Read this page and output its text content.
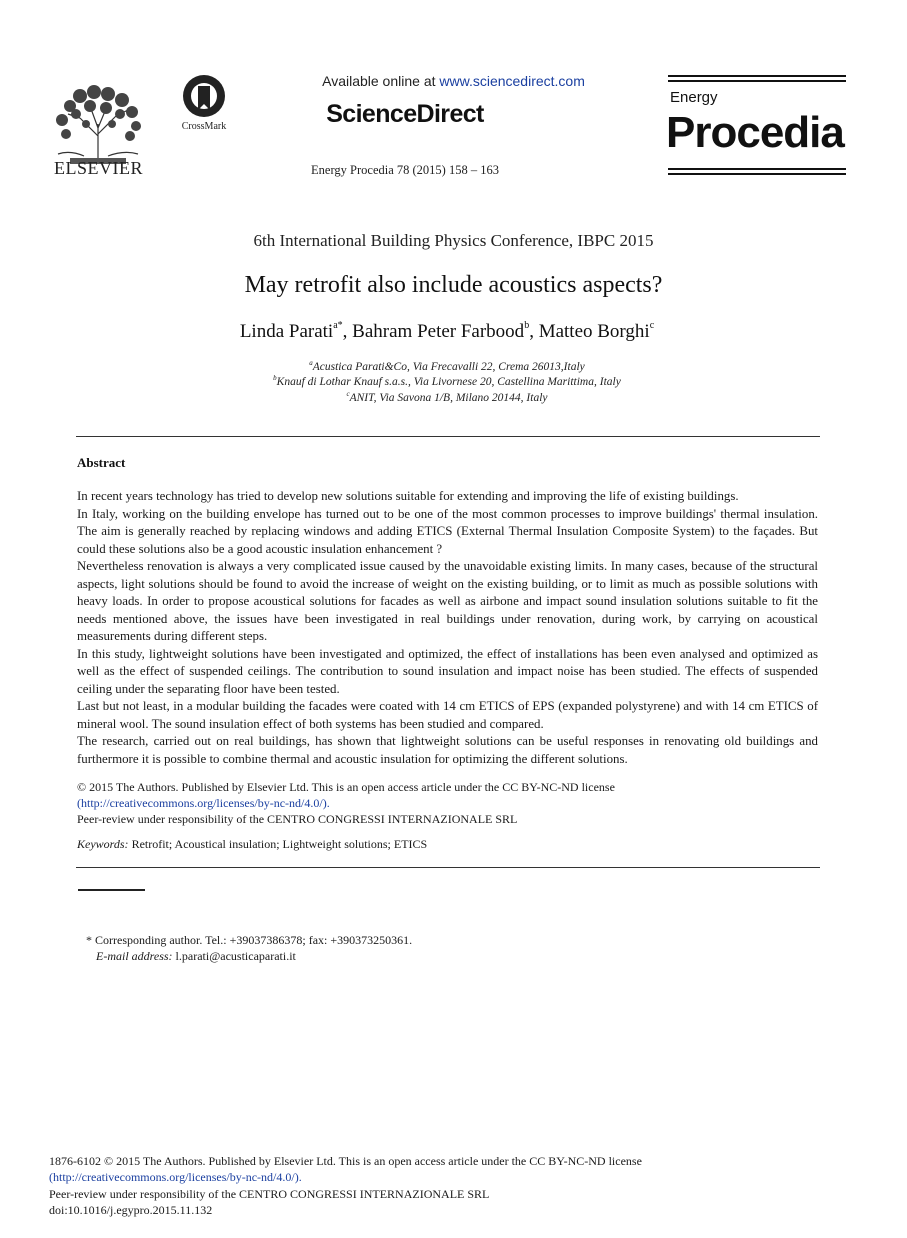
ELSEVIER
CrossMark
Available online at www.sciencedirect.com
ScienceDirect
Energy Procedia 78 (2015) 158 – 163
Energy
Procedia
6th International Building Physics Conference, IBPC 2015
May retrofit also include acoustics aspects?
Linda Parati$^{a*}$, Bahram Peter Farbood$^b$, Matteo Borghi$^c$
$^a$Acustica Parati&Co, Via Frecavalli 22, Crema 26013,Italy
$^b$Knauf di Lothar Knauf s.a.s., Via Livornese 20, Castellina Marittima, Italy
$^c$ANIT, Via Savona 1/B, Milano 20144, Italy
Abstract

In recent years technology has tried to develop new solutions suitable for extending and improving the life of existing buildings.

In Italy, working on the building envelope has turned out to be one of the most common processes to improve buildings' thermal insulation. The aim is generally reached by replacing windows and adding ETICS (External Thermal Insulation Composite System) to the façades. But could these solutions also be a good acoustic insulation enhancement ?

Nevertheless renovation is always a very complicated issue caused by the unavoidable existing limits. In many cases, because of the structural aspects, light solutions should be found to avoid the increase of weight on the existing building, or to limit as much as possible solutions with heavy loads. In order to propose acoustical solutions for facades as well as airbone and impact sound insulation solutions suitable to fit the needs mentioned above, the issues have been investigated in real buildings under renovation, during work, by carrying on acoustical measurements during different steps.

In this study, lightweight solutions have been investigated and optimized, the effect of installations has been even analysed and optimized as well as the effect of suspended ceilings. The contribution to sound insulation and impact noise has been studied. The effects of suspended ceiling under the separating floor have been tested.

Last but not least, in a modular building the facades were coated with 14 cm ETICS of EPS (expanded polystyrene) and with 14 cm ETICS of mineral wool. The sound insulation effect of both systems has been studied and compared.

The research, carried out on real buildings, has shown that lightweight solutions can be useful responses in renovating old buildings and furthermore it is possible to combine thermal and acoustic insulation for optimizing the different solutions.

© 2015 The Authors. Published by Elsevier Ltd. This is an open access article under the CC BY-NC-ND license

(http://creativecommons.org/licenses/by-nc-nd/4.0/).

Peer-review under responsibility of the CENTRO CONGRESSI INTERNAZIONALE SRL

Keywords: Retrofit; Acoustical insulation; Lightweight solutions; ETICS
* Corresponding author. Tel.: +39037386378; fax: +390373250361.
E-mail address: l.parati@acusticaparati.it

1876-6102 © 2015 The Authors. Published by Elsevier Ltd. This is an open access article under the CC BY-NC-ND license

(http://creativecommons.org/licenses/by-nc-nd/4.0/).

Peer-review under responsibility of the CENTRO CONGRESSI INTERNAZIONALE SRL

doi:10.1016/j.egypro.2015.11.132
